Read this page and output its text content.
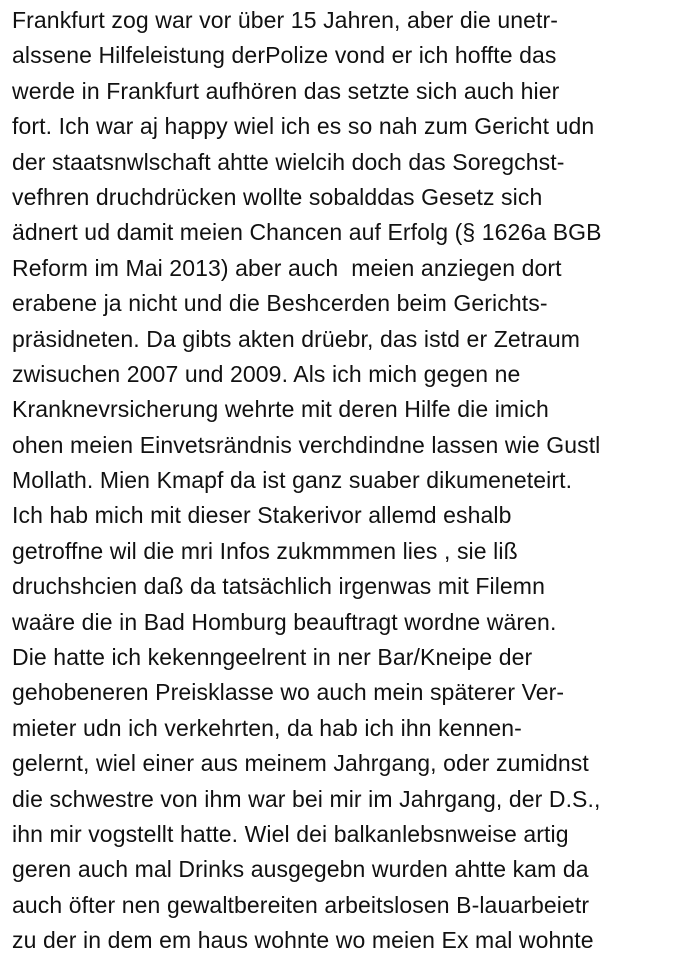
Frankfurt zog war vor über 15 Jahren, aber die unetr-
alssene Hilfeleistung derPolize vond er ich hoffte das
werde in Frankfurt aufhören das setzte sich auch hier
fort. Ich war aj happy wiel ich es so nah zum Gericht udn
der staatsnwlschaft ahtte wielcih doch das Soregchst-
vefhren druchdrücken wollte sobalddas Gesetz sich
ädnert ud damit meien Chancen auf Erfolg (§ 1626a BGB
Reform im Mai 2013) aber auch  meien anziegen dort
erabene ja nicht und die Beshcerden beim Gerichts-
präsidneten. Da gibts akten drüebr, das istd er Zetraum
zwisuchen 2007 und 2009. Als ich mich gegen ne
Kranknevrsicherung wehrte mit deren Hilfe die imich
ohen meien Einvetsrändnis verchdindne lassen wie Gustl
Mollath. Mien Kmapf da ist ganz suaber dikumeneteirt.
Ich hab mich mit dieser Stakerivor allemd eshalb
getroffne wil die mri Infos zukmmmen lies , sie liß
druchshcien daß da tatsächlich irgenwas mit Filemn
waäre die in Bad Homburg beauftragt wordne wären.
Die hatte ich kekenngeelrent in ner Bar/Kneipe der
gehobeneren Preisklasse wo auch mein späterer Ver-
mieter udn ich verkehrten, da hab ich ihn kennen-
gelernt, wiel einer aus meinem Jahrgang, oder zumidnst
die schwestre von ihm war bei mir im Jahrgang, der D.S.,
ihn mir vogstellt hatte. Wiel dei balkanlebsnweise artig
geren auch mal Drinks ausgegebn wurden ahtte kam da
auch öfter nen gewaltbereiten arbeitslosen B-lauarbeietr
zu der in dem em haus wohnte wo meien Ex mal wohnte
